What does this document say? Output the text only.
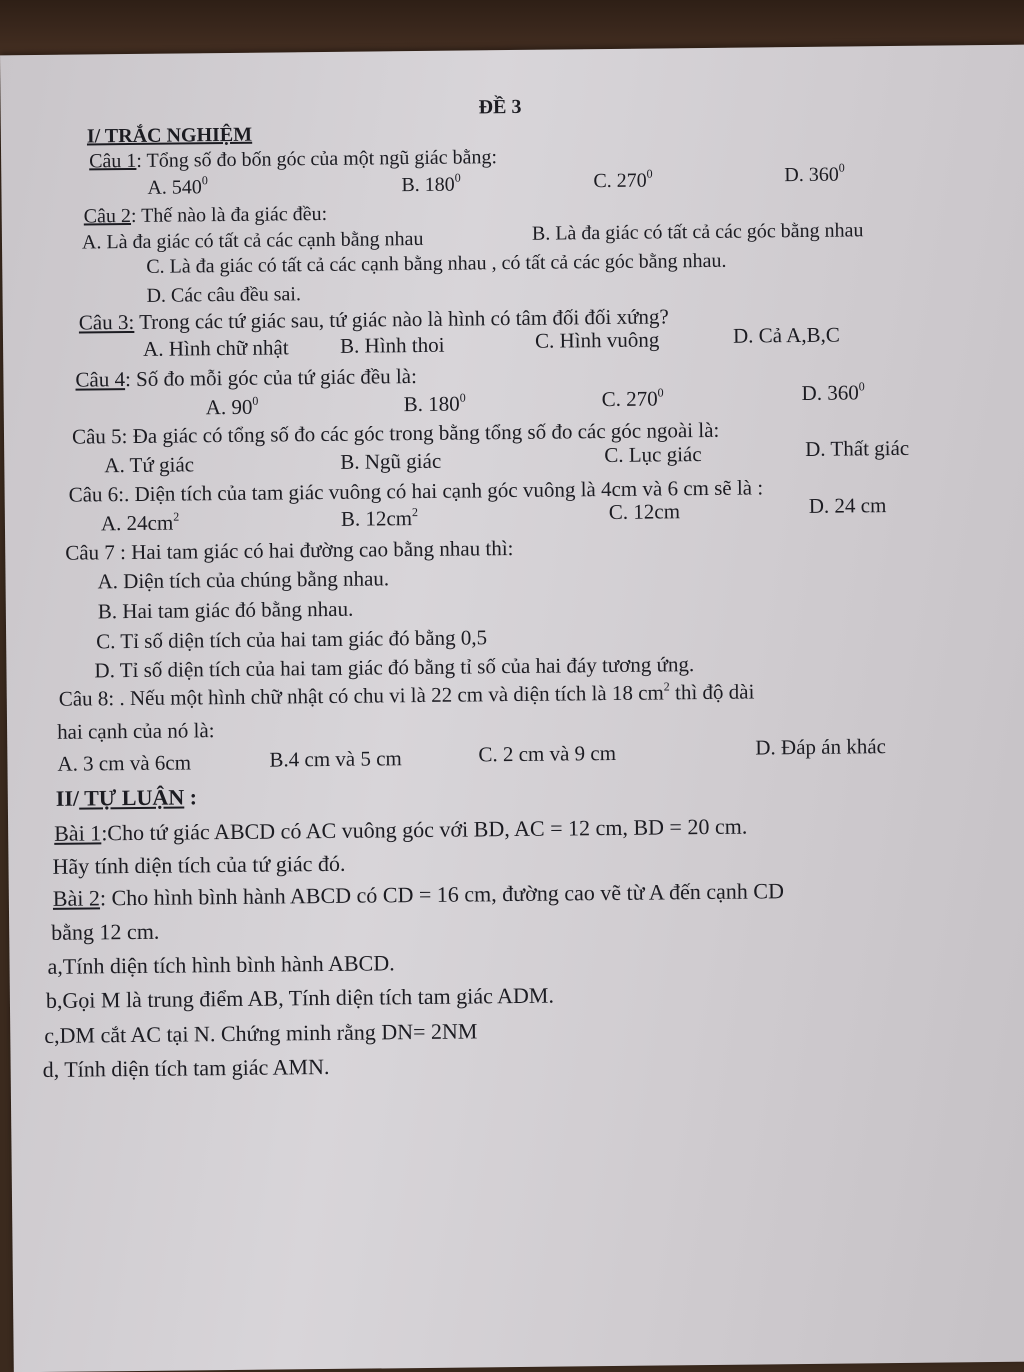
ĐỀ 3
I/ TRẮC NGHIỆM
Câu 1: Tổng số đo bốn góc của một ngũ giác bằng:
A. $540^0$	B. $180^0$	C. $270^0$	D. $360^0$
Câu 2: Thế nào là đa giác đều:
A. Là đa giác có tất cả các cạnh bằng nhau	B. Là đa giác có tất cả các góc bằng nhau
C. Là đa giác có tất cả các cạnh bằng nhau , có tất cả các góc bằng nhau.
D. Các câu đều sai.
Câu 3: Trong các tứ giác sau, tứ giác nào là hình có tâm đối đối xứng?
A. Hình chữ nhật B. Hình thoi	C. Hình vuông	D. Cả A,B,C
Câu 4: Số đo mỗi góc của tứ giác đều là:
A. $90^0$	B. $180^0$	C. $270^0$	D. $360^0$
Câu 5: Đa giác có tổng số đo các góc trong bằng tổng số đo các góc ngoài là:
A. Tứ giác	B. Ngũ giác	C. Lục giác	D. Thất giác
Câu 6:. Diện tích của tam giác vuông có hai cạnh góc vuông là 4cm và 6 cm sẽ là :
A. $24cm^2$	B. $12cm^2$	C. 12cm	D. 24 cm
Câu 7 : Hai tam giác có hai đường cao bằng nhau thì:
A. Diện tích của chúng bằng nhau.
B. Hai tam giác đó bằng nhau.
C. Tỉ số diện tích của hai tam giác đó bằng 0,5
D. Tỉ số diện tích của hai tam giác đó bằng tỉ số của hai đáy tương ứng.
Câu 8: . Nếu một hình chữ nhật có chu vi là 22 cm và diện tích là 18 $cm^2$ thì độ dài
hai cạnh của nó là:
A. 3 cm và 6cm	B.4 cm và 5 cm	C. 2 cm và 9 cm	D. Đáp án khác
II/ TỰ LUẬN :
Bài 1:Cho tứ giác ABCD có AC vuông góc với BD, AC = 12 cm, BD = 20 cm.
Hãy tính diện tích của tứ giác đó.
Bài 2: Cho hình bình hành ABCD có CD = 16 cm, đường cao vẽ từ A đến cạnh CD
bằng 12 cm.
a,Tính diện tích hình bình hành ABCD.
b,Gọi M là trung điểm AB, Tính diện tích tam giác ADM.
c,DM cắt AC tại N. Chứng minh rằng DN= 2NM
d, Tính diện tích tam giác AMN.
